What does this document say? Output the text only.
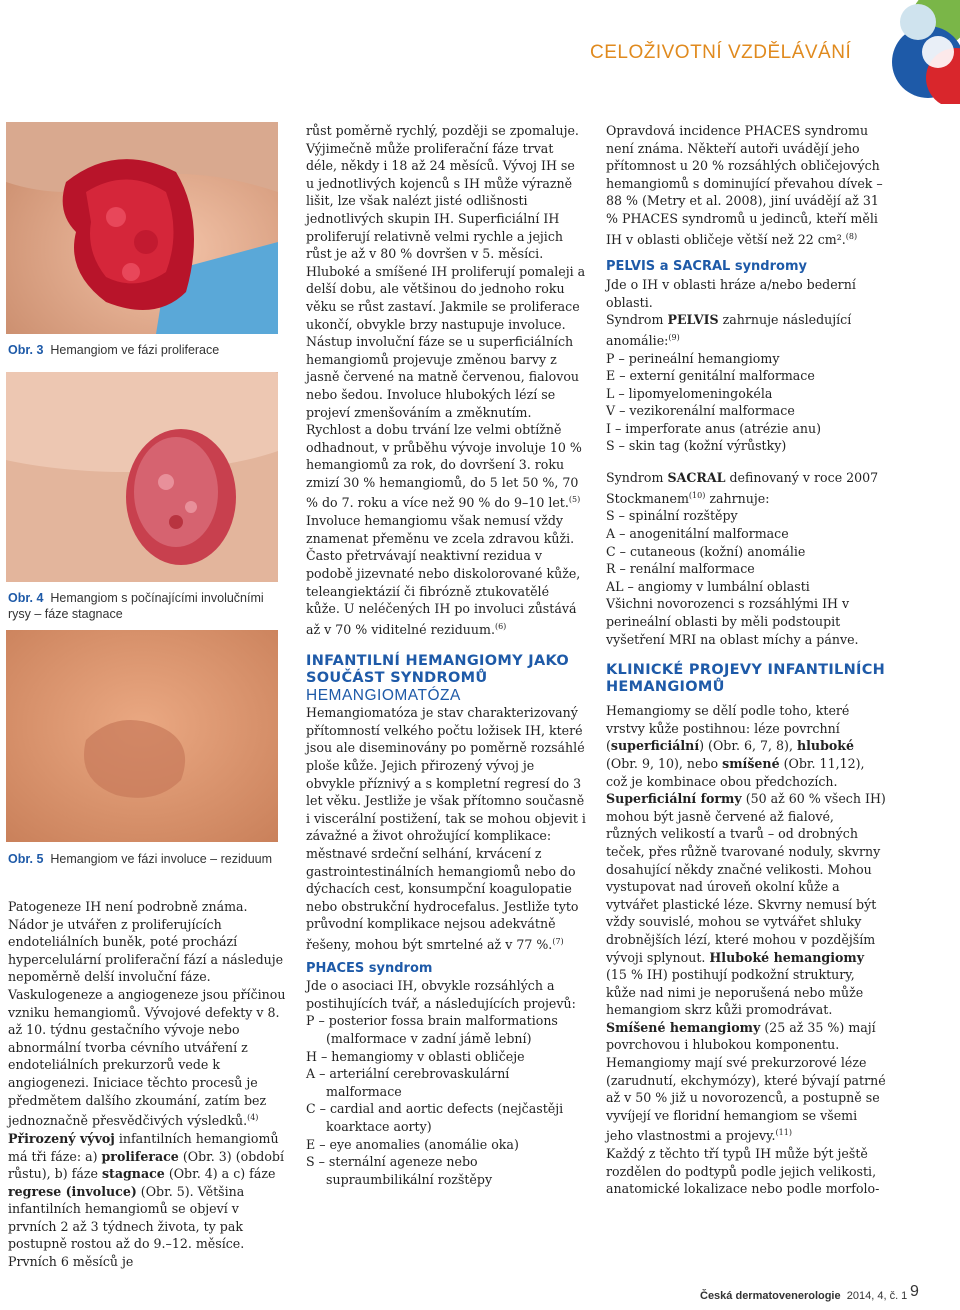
CELOŽIVOTNÍ VZDĚLÁVÁNÍ
Obr. 3 Hemangiom ve fázi proliferace
Obr. 4 Hemangiom s počínajícími involučními rysy – fáze stagnace
Obr. 5 Hemangiom ve fázi involuce – reziduum

Patogeneze IH není podrobně známa. Nádor je utvářen z proliferujících endoteliálních buněk, poté prochází hypercelulární proliferační fází a následuje nepoměrně delší involuční fáze. Vaskulogeneze a angiogeneze jsou příčinou vzniku hemangiomů. Vývojové defekty v 8. až 10. týdnu gestačního vývoje nebo abnormální tvorba cévního utváření z endoteliálních prekurzorů vede k angiogenezi. Iniciace těchto procesů je předmětem dalšího zkoumání, zatím bez jednoznačně přesvědčivých výsledků.$^{(4)}$

Přirozený vývoj infantilních hemangiomů má tři fáze: a) proliferace (Obr. 3) (období růstu), b) fáze stagnace (Obr. 4) a c) fáze regrese (involuce) (Obr. 5). Většina infantilních hemangiomů se objeví v prvních 2 až 3 týdnech života, ty pak postupně rostou až do 9.–12. měsíce. Prvních 6 měsíců je

růst poměrně rychlý, později se zpomaluje. Výjimečně může proliferační fáze trvat déle, někdy i 18 až 24 měsíců. Vývoj IH se u jednotlivých kojenců s IH může výrazně lišit, lze však nalézt jisté odlišnosti jednotlivých skupin IH. Superficiální IH proliferují relativně velmi rychle a jejich růst je až v 80 % dovršen v 5. měsíci. Hluboké a smíšené IH proliferují pomaleji a delší dobu, ale většinou do jednoho roku věku se růst zastaví. Jakmile se proliferace ukončí, obvykle brzy nastupuje involuce. Nástup involuční fáze se u superficiálních hemangiomů projevuje změnou barvy z jasně červené na matně červenou, fialovou nebo šedou. Involuce hlubokých lézí se projeví zmenšováním a změknutím. Rychlost a dobu trvání lze velmi obtížně odhadnout, v průběhu vývoje involuje 10 % hemangiomů za rok, do dovršení 3. roku zmizí 30 % hemangiomů, do 5 let 50 %, 70 % do 7. roku a více než 90 % do 9–10 let.$^{(5)}$

Involuce hemangiomu však nemusí vždy znamenat přeměnu ve zcela zdravou kůži. Často přetrvávají neaktivní rezidua v podobě jizevnaté nebo diskolorované kůže, teleangiektázií či fibrózně ztukovatělé kůže. U neléčených IH po involuci zůstává až v 70 % viditelné reziduum.$^{(6)}$

INFANTILNÍ HEMANGIOMY JAKO SOUČÁST SYNDROMŮ

HEMANGIOMATÓZA

Hemangiomatóza je stav charakterizovaný přítomností velkého počtu ložisek IH, které jsou ale diseminovány po poměrně rozsáhlé ploše kůže. Jejich přirozený vývoj je obvykle příznivý a s kompletní regresí do 3 let věku. Jestliže je však přítomno současně i viscerální postižení, tak se mohou objevit i závažné a život ohrožující komplikace: městnavé srdeční selhání, krvácení z gastrointestinálních hemangiomů nebo do dýchacích cest, konsumpční koagulopatie nebo obstrukční hydrocefalus. Jestliže tyto průvodní komplikace nejsou adekvátně řešeny, mohou být smrtelné až v 77 %.$^{(7)}$

PHACES syndrom

Jde o asociaci IH, obvykle rozsáhlých a postihujících tvář, a následujících projevů:

P – posterior fossa brain malformations (malformace v zadní jámě lební)

H – hemangiomy v oblasti obličeje

A – arteriální cerebrovaskulární malformace

C – cardial and aortic defects (nejčastěji koarktace aorty)

E – eye anomalies (anomálie oka)

S – sternální ageneze nebo supraumbilikální rozštěpy

Opravdová incidence PHACES syndromu není známa. Někteří autoři uvádějí jeho přítomnost u 20 % rozsáhlých obličejových hemangiomů s dominující převahou dívek – 88 % (Metry et al. 2008), jiní uvádějí až 31 % PHACES syndromů u jedinců, kteří měli IH v oblasti obličeje větší než 22 cm².$^{(8)}$

PELVIS a SACRAL syndromy

Jde o IH v oblasti hráze a/nebo bederní oblasti.

Syndrom PELVIS zahrnuje následující anomálie:$^{(9)}$

P – perineální hemangiomy

E – externí genitální malformace

L – lipomyelomeningokéla

V – vezikorenální malformace

I – imperforate anus (atrézie anu)

S – skin tag (kožní výrůstky)

Syndrom SACRAL definovaný v roce 2007 Stockmanem$^{(10)}$ zahrnuje:

S – spinální rozštěpy

A – anogenitální malformace

C – cutaneous (kožní) anomálie

R – renální malformace

AL – angiomy v lumbální oblasti

Všichni novorozenci s rozsáhlými IH v perineální oblasti by měli podstoupit vyšetření MRI na oblast míchy a pánve.

KLINICKÉ PROJEVY INFANTILNÍCH HEMANGIOMŮ

Hemangiomy se dělí podle toho, které vrstvy kůže postihnou: léze povrchní (superficiální) (Obr. 6, 7, 8), hluboké (Obr. 9, 10), nebo smíšené (Obr. 11,12), což je kombinace obou předchozích. Superficiální formy (50 až 60 % všech IH) mohou být jasně červené až fialové, různých velikostí a tvarů – od drobných teček, přes růžně tvarované noduly, skvrny dosahující někdy značné velikosti. Mohou vystupovat nad úroveň okolní kůže a vytvářet plastické léze. Skvrny nemusí být vždy souvislé, mohou se vytvářet shluky drobnějších lézí, které mohou v pozdějším vývoji splynout. Hluboké hemangiomy (15 % IH) postihují podkožní struktury, kůže nad nimi je neporušená nebo může hemangiom skrz kůži promodrávat. Smíšené hemangiomy (25 až 35 %) mají povrchovou i hlubokou komponentu. Hemangiomy mají své prekurzorové léze (zarudnutí, ekchymózy), které bývají patrné až v 50 % již u novorozenců, a postupně se vyvíjejí ve floridní hemangiom se všemi jeho vlastnostmi a projevy.$^{(11)}$

Každý z těchto tří typů IH může být ještě rozdělen do podtypů podle jejich velikosti, anatomické lokalizace nebo podle morfolo-

Česká dermatovenerologie 2014, 4, č. 1 9
